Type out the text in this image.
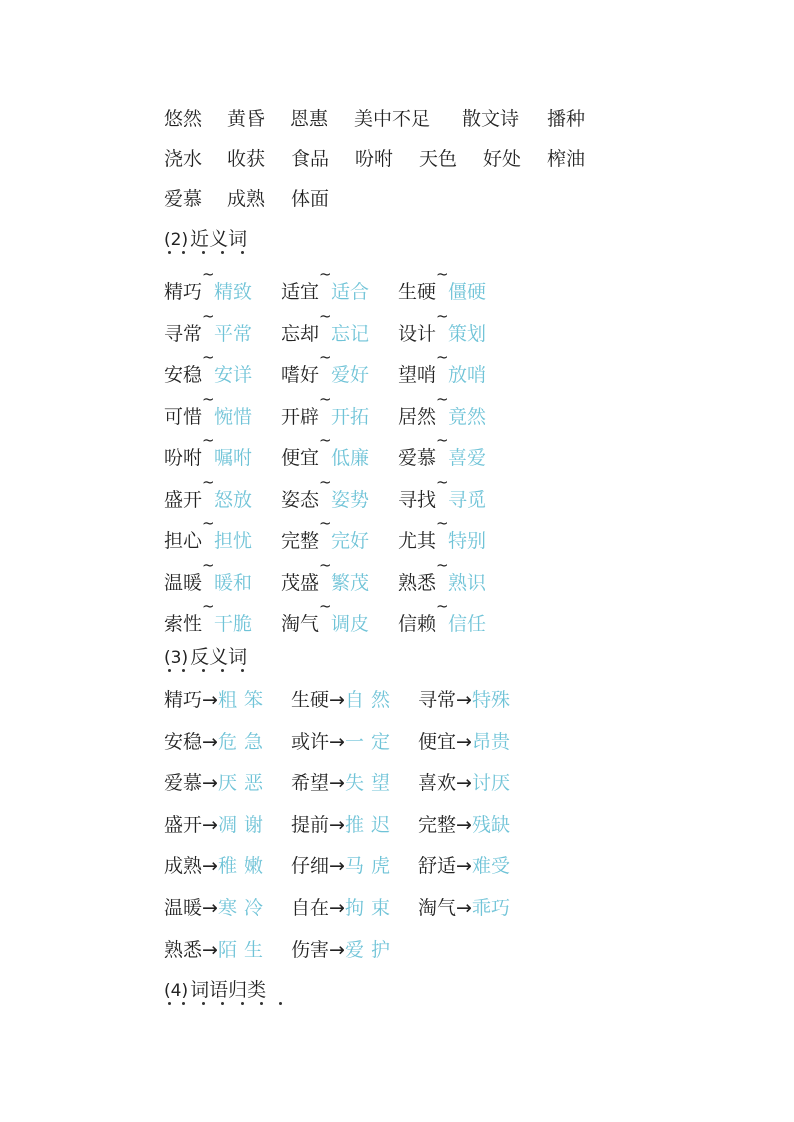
悠然 黄昏 恩惠 美中不足 散文诗 播种
浇水 收获 食品 吩咐 天色 好处 榨油
爱慕 成熟 体面
(2) 近义词
精巧
~
精致 适宜
~
适合 生硬
~
僵硬
寻常
~
平常 忘却
~
忘记 设计
~
策划
安稳
~
安详 嗜好
~
爱好 望哨
~
放哨
可惜
~
惋惜 开辟
~
开拓 居然
~
竟然
吩咐
~
嘱咐 便宜
~
低廉 爱慕
~
喜爱
盛开
~
怒放 姿态
~
姿势 寻找
~
寻觅
担心
~
担忧 完整
~
完好 尤其
~
特别
温暖
~
暖和 茂盛
~
繁茂 熟悉
~
熟识
索性
~
干脆 淘气
~
调皮 信赖
~
信任
(3) 反义词
精巧→粗笨 生硬→自然 寻常→特殊
安稳→危急 或许→一定 便宜→昂贵
爱慕→厌恶 希望→失望 喜欢→讨厌
盛开→凋谢 提前→推迟 完整→残缺
成熟→稚嫩 仔细→马虎 舒适→难受
温暖→寒冷 自在→拘束 淘气→乖巧
熟悉→陌生 伤害→爱护
(4) 词语归类
